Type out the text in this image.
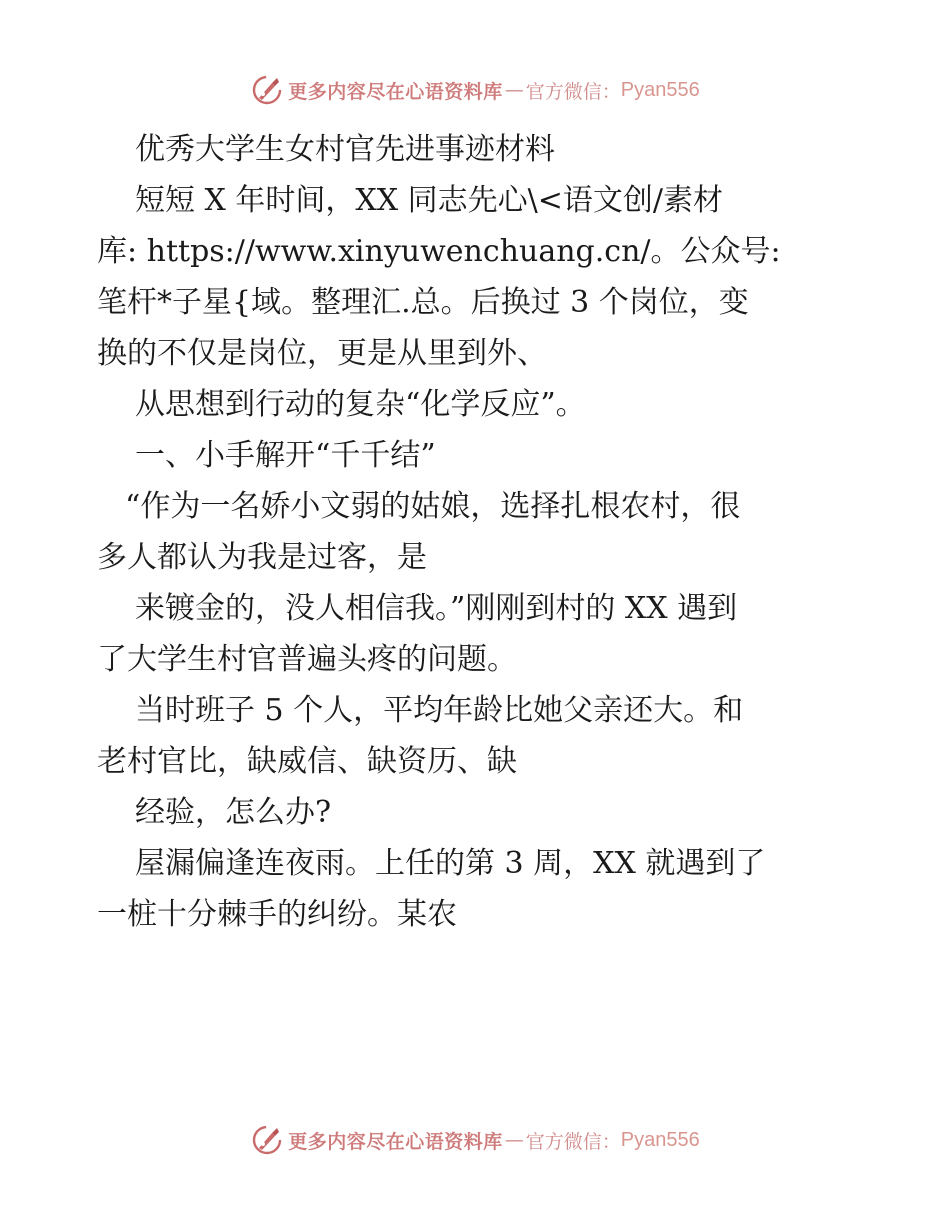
更多内容尽在心语资料库 — 官方微信： Pyan556
优秀大学生女村官先进事迹材料
短短 X 年时间，XX 同志先心\<语文创/素材
库: https://www.xinyuwenchuang.cn/。公众号:
笔杆*子星{域。整理汇.总。后换过 3 个岗位，变
换的不仅是岗位，更是从里到外、
从思想到行动的复杂“化学反应”。
一、小手解开“千千结”
“作为一名娇小文弱的姑娘，选择扎根农村，很
多人都认为我是过客，是
来镀金的，没人相信我。”刚刚到村的 XX 遇到
了大学生村官普遍头疼的问题。
当时班子 5 个人，平均年龄比她父亲还大。和
老村官比，缺威信、缺资历、缺
经验，怎么办?
屋漏偏逢连夜雨。上任的第 3 周，XX 就遇到了
一桩十分棘手的纠纷。某农
更多内容尽在心语资料库 — 官方微信： Pyan556
